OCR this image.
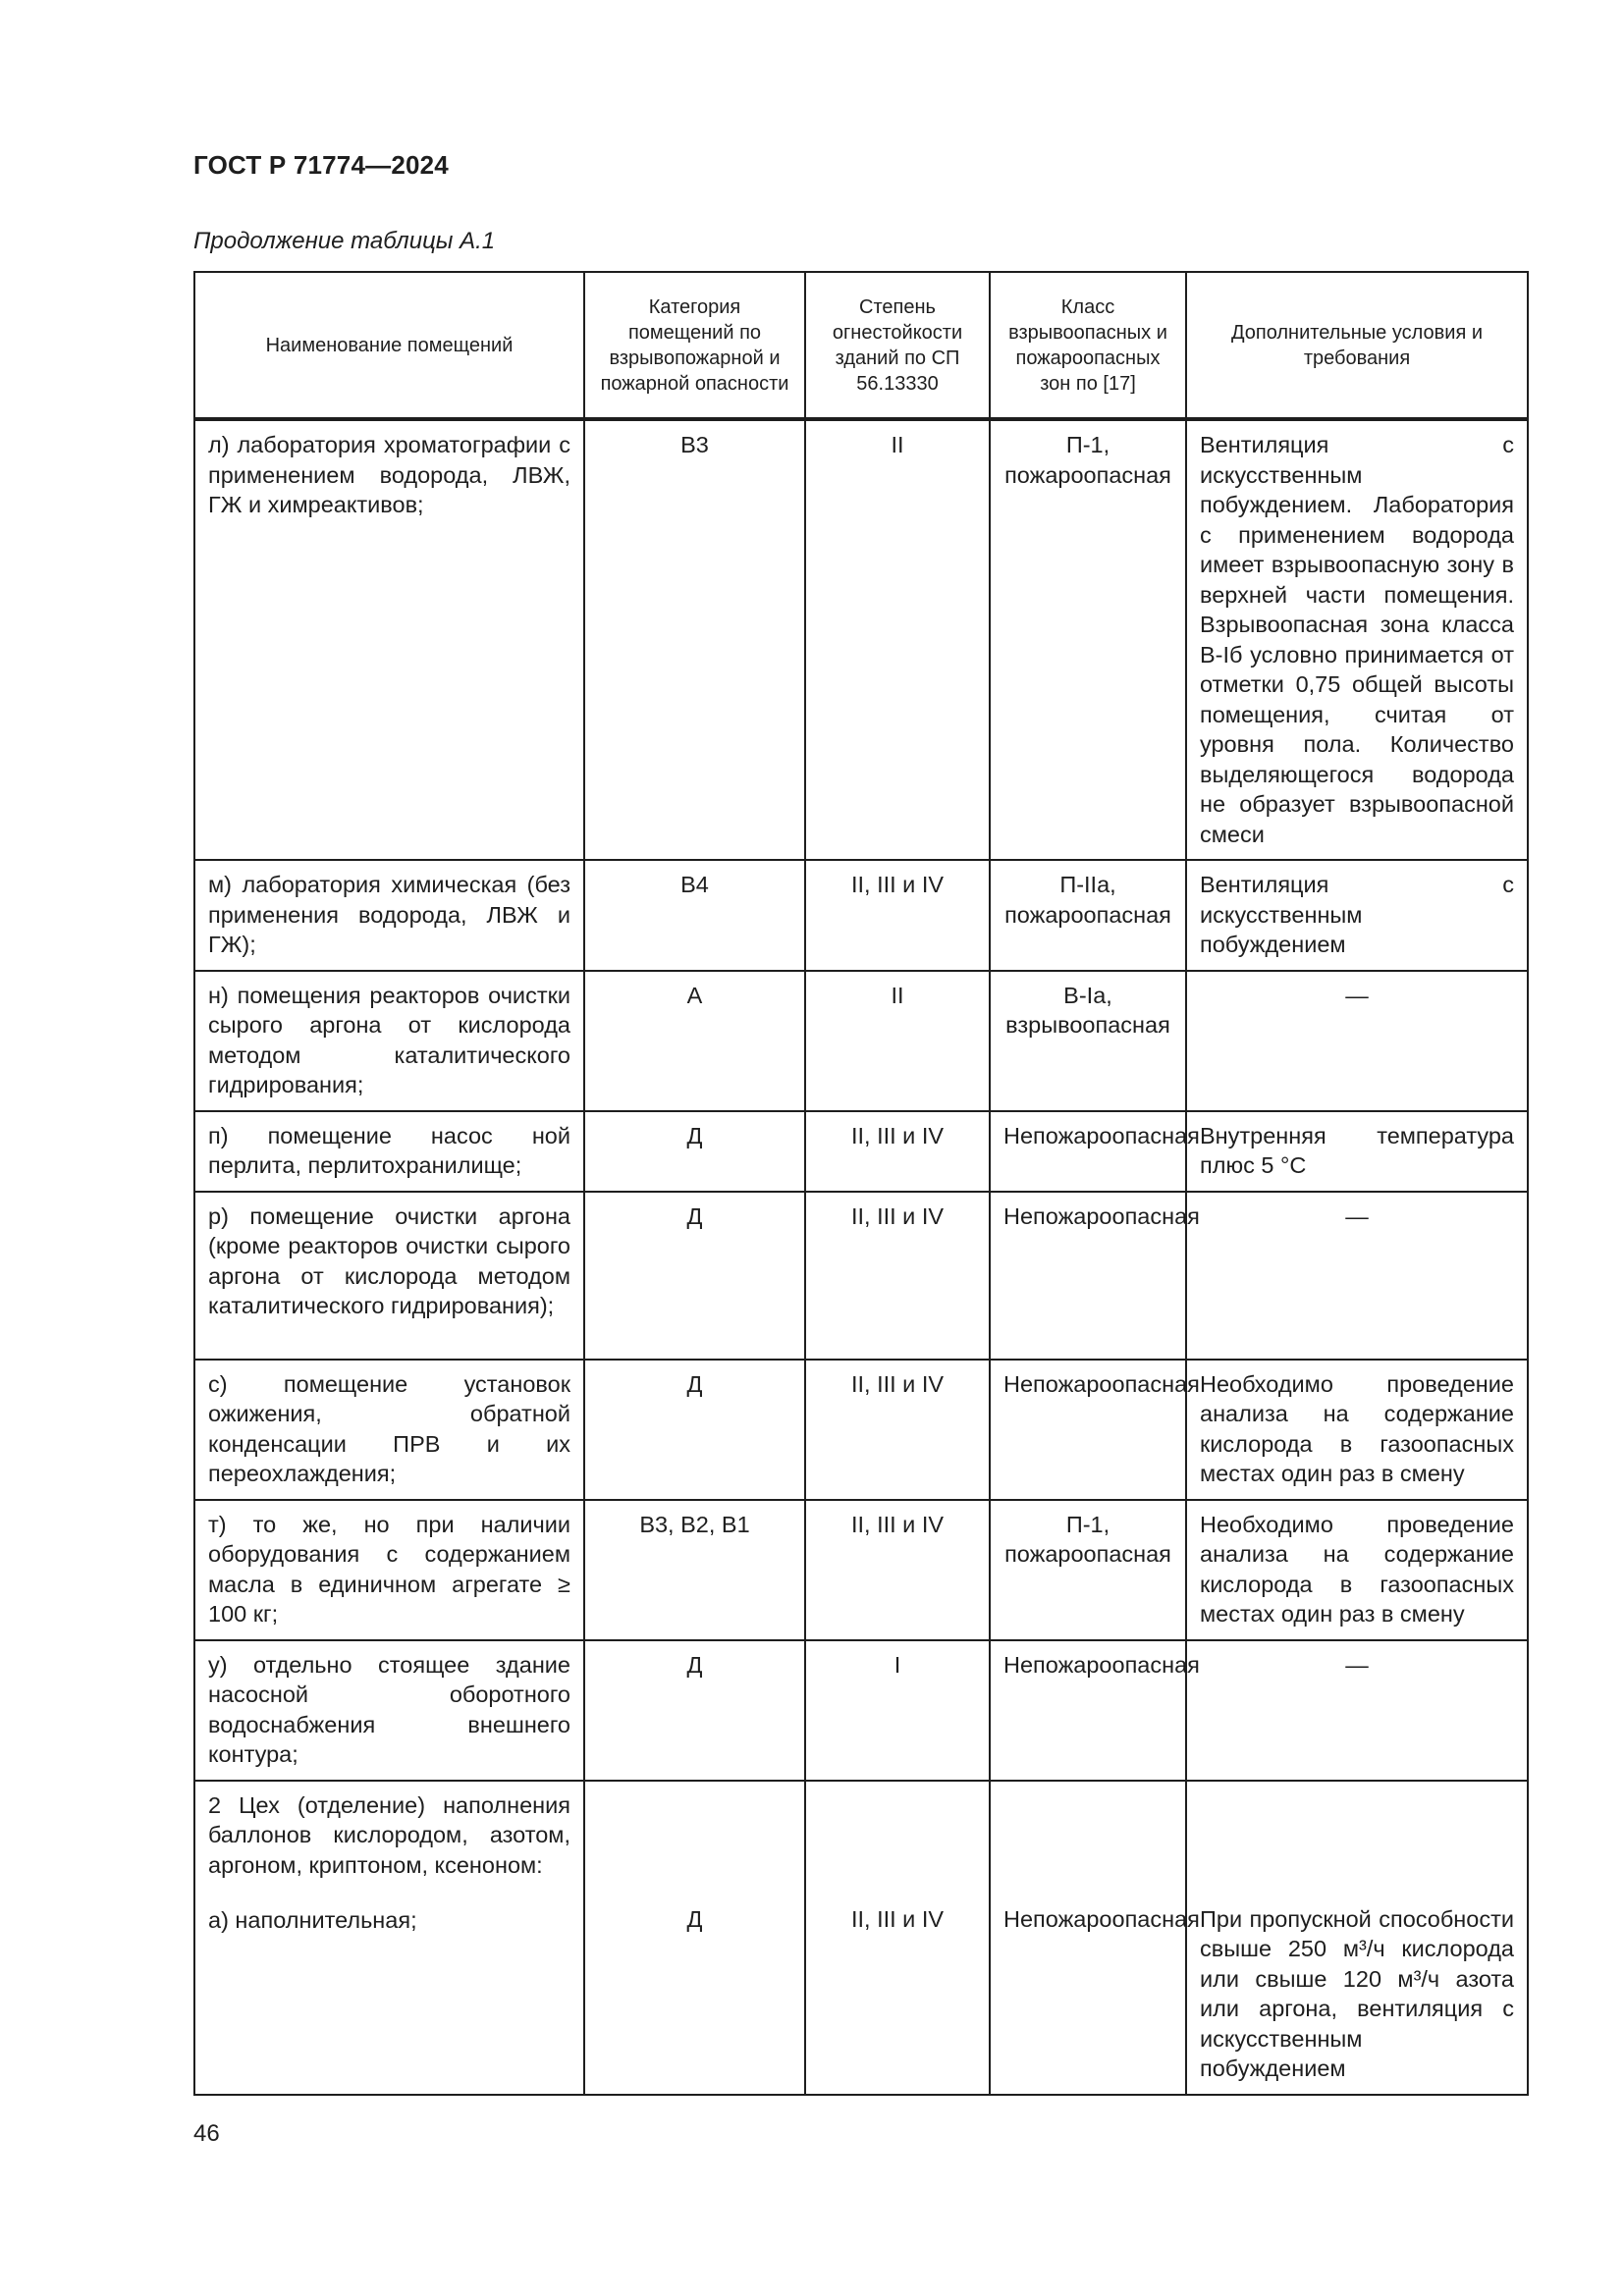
ГОСТ Р 71774—2024
Продолжение таблицы А.1
Наименование помещений	Категория помещений по взрывопожарной и пожарной опасности	Степень огнестойкости зданий по СП 56.13330	Класс взрывоопасных и пожароопасных зон по [17]	Дополнительные условия и требования
л) лаборатория хроматографии с применением водорода, ЛВЖ, ГЖ и химреактивов;	В3	II	П-1, пожароопасная	Вентиляция с искусственным побуждением. Лаборатория с применением водорода имеет взрывоопасную зону в верхней части помещения. Взрывоопасная зона класса В-Iб условно принимается от отметки 0,75 общей высоты помещения, считая от уровня пола. Количество выделяющегося водорода не образует взрывоопасной смеси
м) лаборатория химическая (без применения водорода, ЛВЖ и ГЖ);	В4	II, III и IV	П-IIа, пожароопасная	Вентиляция с искусственным побуждением
н) помещения реакторов очистки сырого аргона от кислорода методом каталитического гидрирования;	А	II	В-Iа, взрывоопасная	—
п) помещение насос ной перлита, перлитохранилище;	Д	II, III и IV	Непожароопасная	Внутренняя температура плюс 5 °С
р) помещение очистки аргона (кроме реакторов очистки сырого аргона от кислорода методом каталитического гидрирования);	Д	II, III и IV	Непожароопасная	—
с) помещение установок ожижения, обратной конденсации ПРВ и их переохлаждения;	Д	II, III и IV	Непожароопасная	Необходимо проведение анализа на содержание кислорода в газоопасных местах один раз в смену
т) то же, но при наличии оборудования с содержанием масла в единичном агрегате ≥ 100 кг;	В3, В2, В1	II, III и IV	П-1, пожароопасная	Необходимо проведение анализа на содержание кислорода в газоопасных местах один раз в смену
у) отдельно стоящее здание насосной оборотного водоснабжения внешнего контура;	Д	I	Непожароопасная	—

2 Цех (отделение) наполнения баллонов кислородом, азотом, аргоном, криптоном, ксеноном:
а) наполнительная;	Д	II, III и IV	Непожароопасная	При пропускной способности свыше 250 м³/ч кислорода или свыше 120 м³/ч азота или аргона, вентиляция с искусственным побуждением
46
